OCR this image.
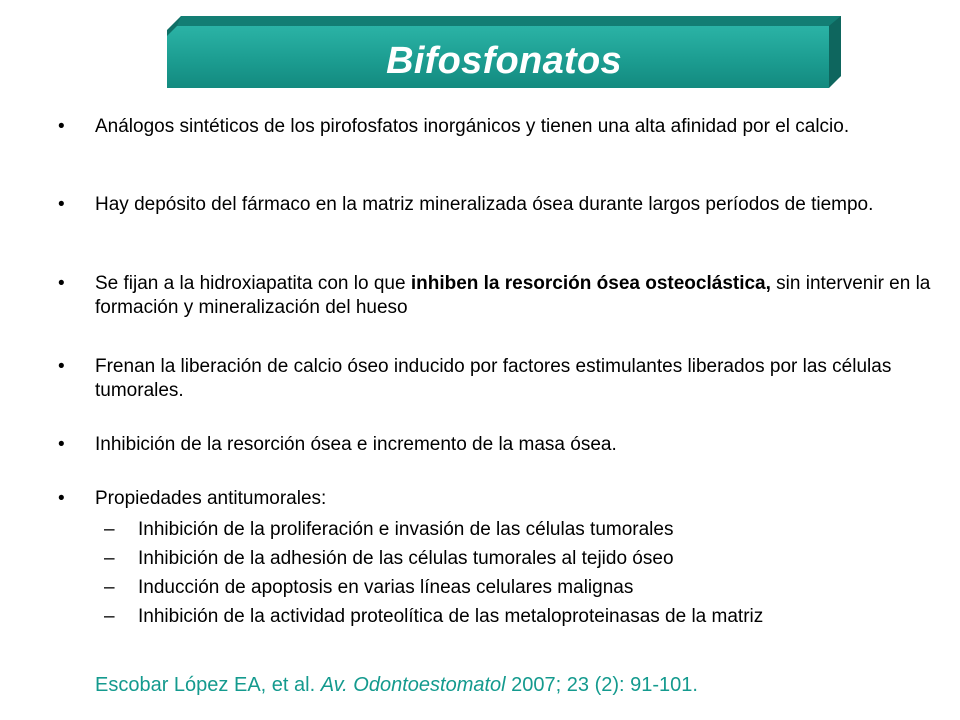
Bifosfonatos
• Análogos sintéticos de los pirofosfatos inorgánicos y tienen una alta afinidad por el calcio.
• Hay depósito del fármaco en la matriz mineralizada ósea durante largos períodos de tiempo.
• Se fijan a la hidroxiapatita con lo que inhiben la resorción ósea osteoclástica, sin intervenir en la formación y mineralización del hueso
• Frenan la liberación de calcio óseo inducido por factores estimulantes liberados por las células tumorales.
• Inhibición de la resorción ósea e incremento de la masa ósea.
• Propiedades antitumorales:
– Inhibición de la proliferación e invasión de las células tumorales
– Inhibición de la adhesión de las células tumorales al tejido óseo
– Inducción de apoptosis en varias líneas celulares malignas
– Inhibición de la actividad proteolítica de las metaloproteinasas de la matriz
Escobar López EA, et al. Av. Odontoestomatol 2007; 23 (2): 91-101.
